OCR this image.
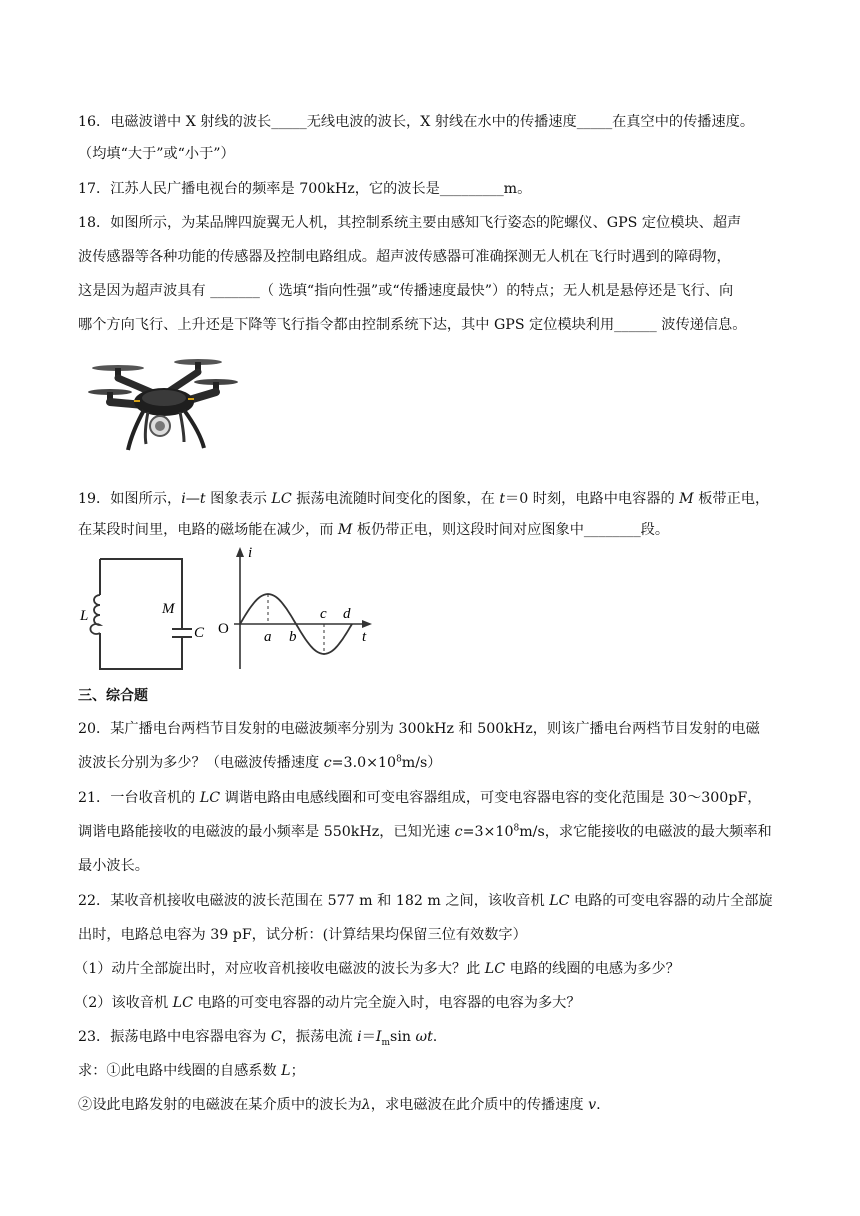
16．电磁波谱中 X 射线的波长_____无线电波的波长，X 射线在水中的传播速度_____在真空中的传播速度。
（均填“大于”或“小于”）
17．江苏人民广播电视台的频率是 700kHz，它的波长是_________m。
18．如图所示，为某品牌四旋翼无人机，其控制系统主要由感知飞行姿态的陀螺仪、GPS 定位模块、超声
波传感器等各种功能的传感器及控制电路组成。超声波传感器可准确探测无人机在飞行时遇到的障碍物，
这是因为超声波具有 _______（ 选填“指向性强”或“传播速度最快”）的特点；无人机是悬停还是飞行、向
哪个方向飞行、上升还是下降等飞行指令都由控制系统下达，其中 GPS 定位模块利用______ 波传递信息。
19．如图所示，i—t 图象表示 LC 振荡电流随时间变化的图象，在 t＝0 时刻，电路中电容器的 M 板带正电，
在某段时间里，电路的磁场能在减少，而 M 板仍带正电，则这段时间对应图象中________段。
L	M
C
i
t
O a b
c d
三、综合题
20．某广播电台两档节目发射的电磁波频率分别为 300kHz 和 500kHz，则该广播电台两档节目发射的电磁
波波长分别为多少？（电磁波传播速度 $c=3.0\times 10^8m/s$）
21．一台收音机的 LC 调谐电路由电感线圈和可变电容器组成，可变电容器电容的变化范围是 30～300pF，
调谐电路能接收的电磁波的最小频率是 550kHz，已知光速 $c=3\times 10^8m/s$，求它能接收的电磁波的最大频率和
最小波长。
22．某收音机接收电磁波的波长范围在 577 m 和 182 m 之间，该收音机 LC 电路的可变电容器的动片全部旋
出时，电路总电容为 39 pF，试分析：(计算结果均保留三位有效数字）
（1）动片全部旋出时，对应收音机接收电磁波的波长为多大？此 LC 电路的线圈的电感为多少？
（2）该收音机 LC 电路的可变电容器的动片完全旋入时，电容器的电容为多大？
23．振荡电路中电容器电容为 C，振荡电流 $i=I_m\sin$ ωt.
求：①此电路中线圈的自感系数 L；
②设此电路发射的电磁波在某介质中的波长为λ，求电磁波在此介质中的传播速度 v.
